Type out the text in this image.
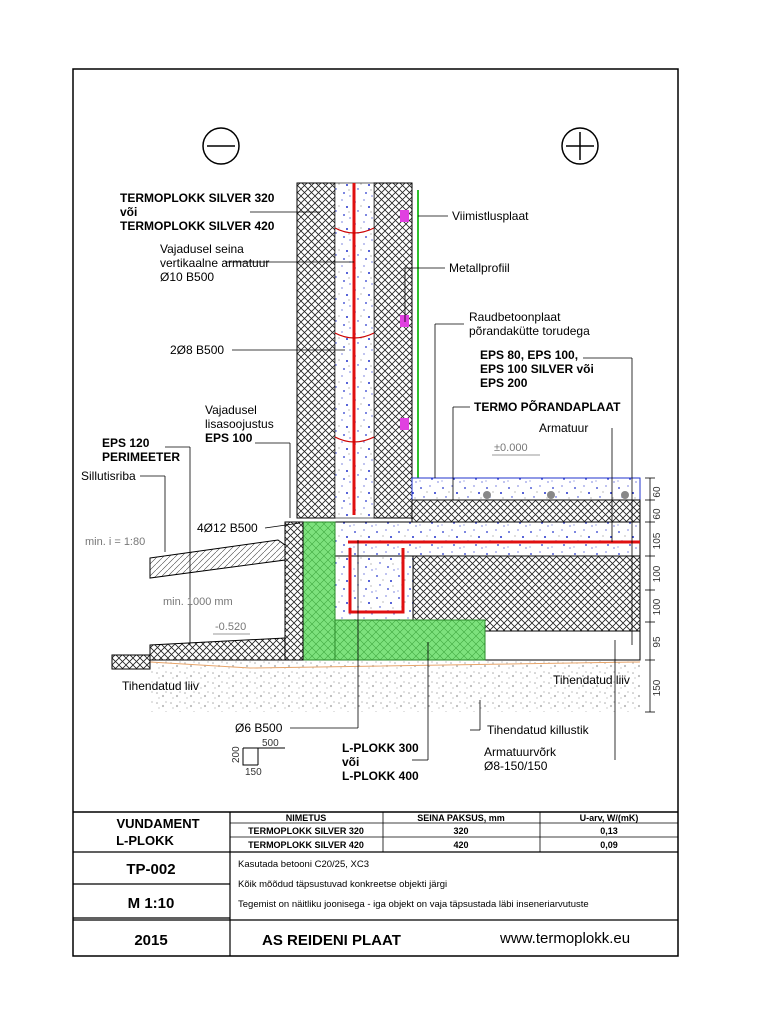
60
60
105
100
100
95
150
TERMOPLOKK SILVER 320
või
TERMOPLOKK SILVER 420
Vajadusel seina
vertikaalne armatuur
Ø10 B500
2Ø8 B500
Vajadusel
lisasoojustus
EPS 100
EPS 120
PERIMEETER
Sillutisriba
4Ø12 B500
min. i = 1:80
min. 1000 mm
-0.520
Tihendatud liiv	Tihendatud liiv
Viimistlusplaat
Metallprofiil
Raudbetoonplaat
põrandakütte torudega
EPS 80, EPS 100,
EPS 100 SILVER või
EPS 200
TERMO PÕRANDAPLAAT
Armatuur
±0.000
Ø6 B500
500
200
150
L-PLOKK 300
või
L-PLOKK 400
Tihendatud killustik
Armatuurvõrk
Ø8-150/150
VUNDAMENT
L-PLOKK
NIMETUS	SEINA PAKSUS, mm	U-arv, W/(mK)
TERMOPLOKK SILVER 320	320	0,13
TERMOPLOKK SILVER 420	420	0,09
TP-002
M 1:10
Kasutada betooni C20/25, XC3
Kõik mõõdud täpsustuvad konkreetse objekti järgi
Tegemist on näitliku joonisega - iga objekt on vaja täpsustada läbi inseneriarvutuste
2015	AS REIDENI PLAAT	www.termoplokk.eu
